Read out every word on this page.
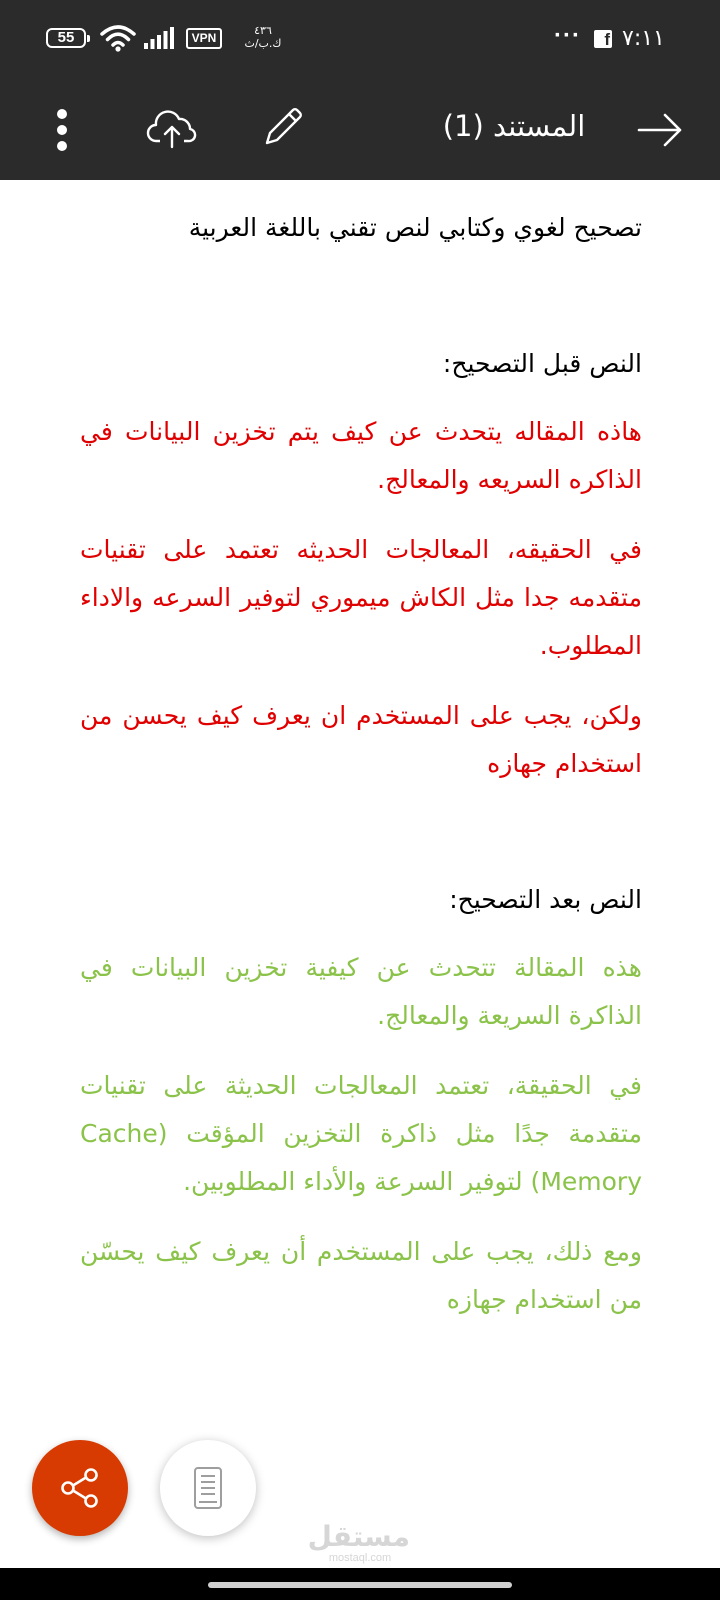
55	VPN
٤٣٦
ك.ب/ث	···
f ٧:١١
المستند (1)
تصحيح لغوي وكتابي لنص تقني باللغة العربية
النص قبل التصحيح:
هاذه المقاله يتحدث عن كيف يتم تخزين البيانات في الذاكره السريعه والمعالج.
في الحقيقه، المعالجات الحديثه تعتمد على تقنيات متقدمه جدا مثل الكاش ميموري لتوفير السرعه والاداء المطلوب.
ولكن، يجب على المستخدم ان يعرف كيف يحسن من استخدام جهازه
النص بعد التصحيح:
هذه المقالة تتحدث عن كيفية تخزين البيانات في الذاكرة السريعة والمعالج.
في الحقيقة، تعتمد المعالجات الحديثة على تقنيات متقدمة جدًا مثل ذاكرة التخزين المؤقت (Cache Memory) لتوفير السرعة والأداء المطلوبين.
ومع ذلك، يجب على المستخدم أن يعرف كيف يحسّن من استخدام جهازه
مستقل
mostaql.com
